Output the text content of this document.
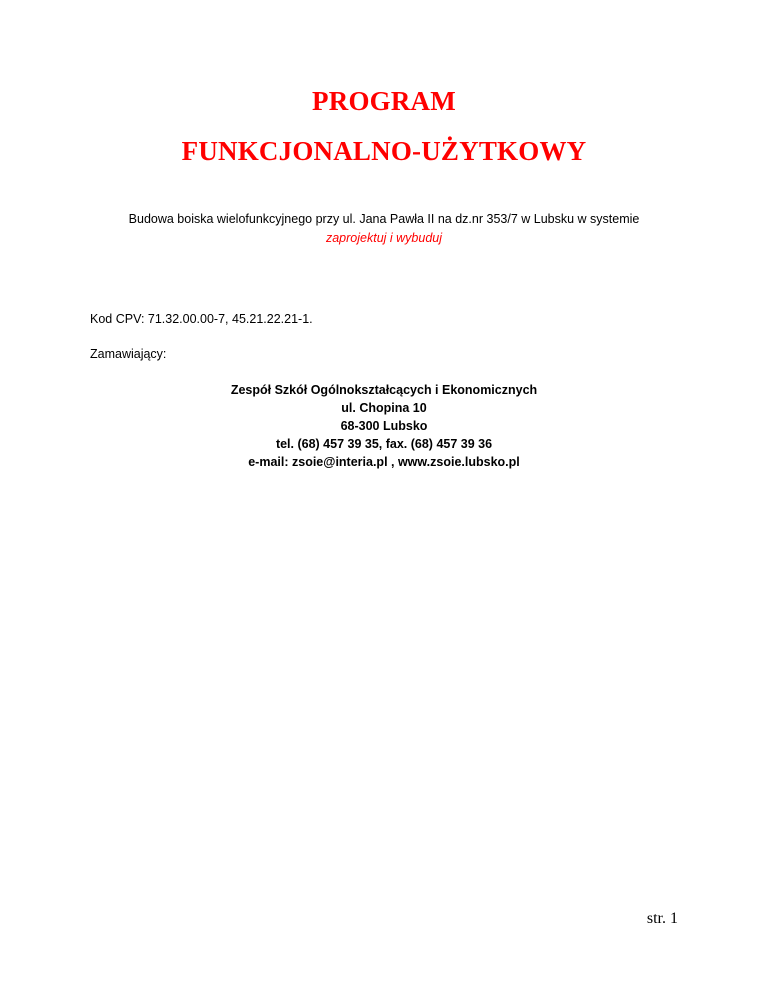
PROGRAM
FUNKCJONALNO-UŻYTKOWY
Budowa boiska wielofunkcyjnego przy ul. Jana Pawła II na dz.nr 353/7 w Lubsku w systemie
zaprojektuj i wybuduj
Kod CPV: 71.32.00.00-7, 45.21.22.21-1.
Zamawiający:
Zespół Szkół Ogólnokształcących i Ekonomicznych
ul. Chopina 10
68-300 Lubsko
tel. (68) 457 39 35, fax. (68) 457 39 36
e-mail: zsoie@interia.pl , www.zsoie.lubsko.pl
str. 1
